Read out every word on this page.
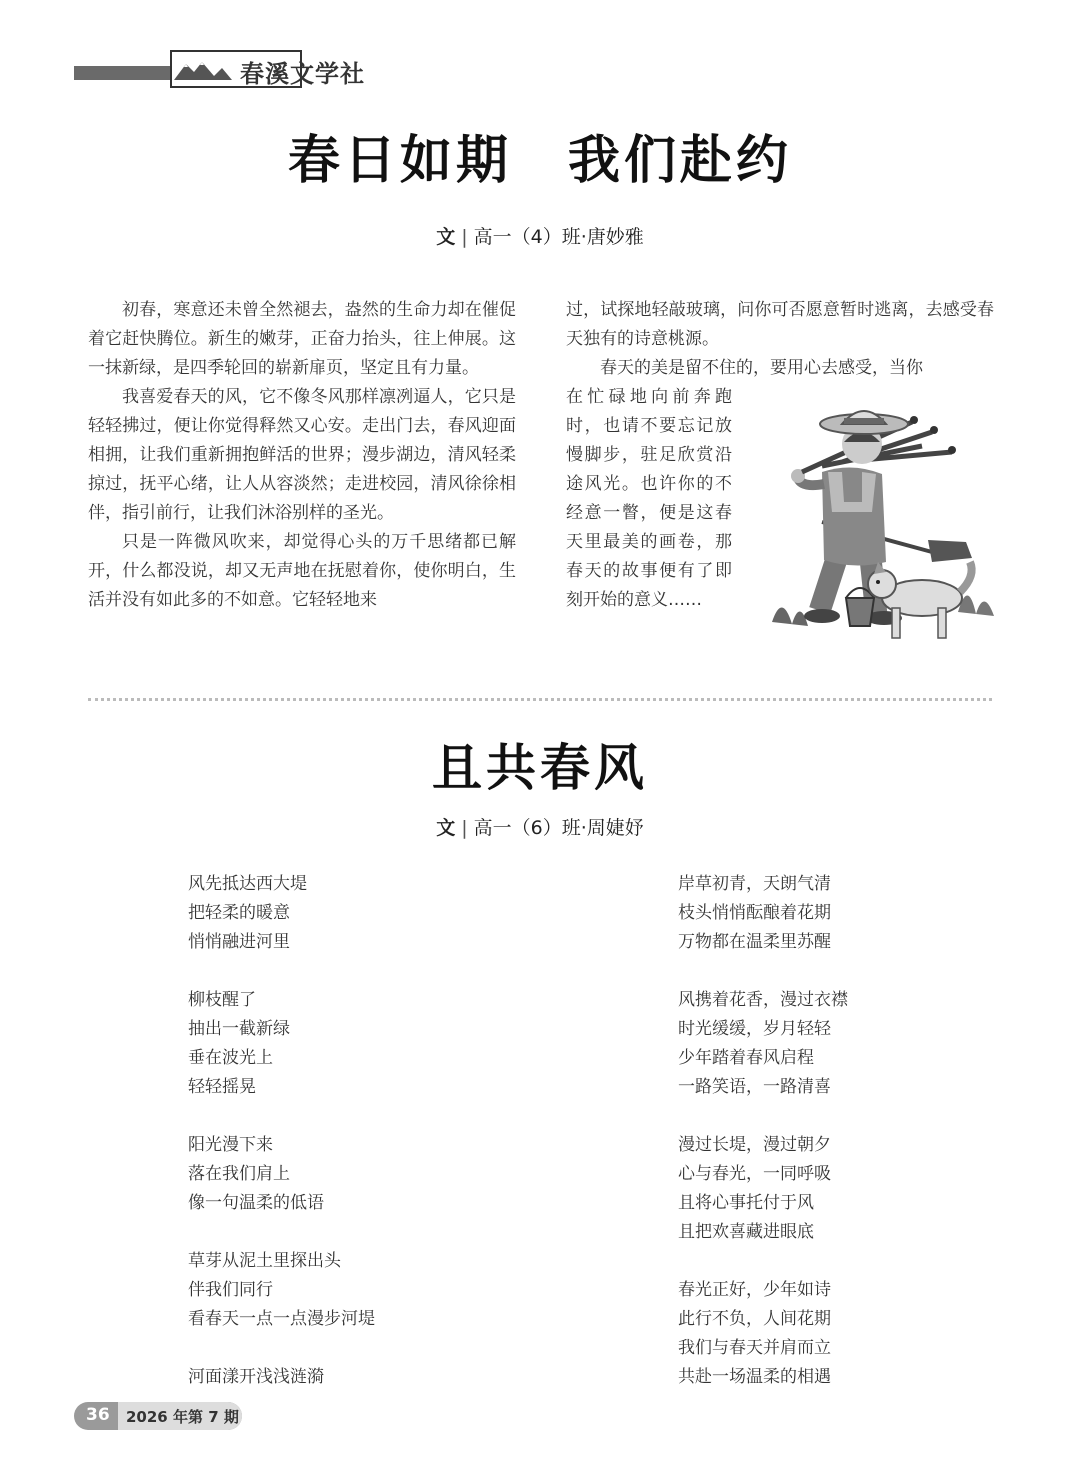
春溪文学社
春日如期　我们赴约
文 | 高一（4）班·唐妙雅

初春，寒意还未曾全然褪去，盎然的生命力却在催促着它赶快腾位。新生的嫩芽，正奋力抬头，往上伸展。这一抹新绿，是四季轮回的崭新扉页，坚定且有力量。

我喜爱春天的风，它不像冬风那样凛冽逼人，它只是轻轻拂过，便让你觉得释然又心安。走出门去，春风迎面相拥，让我们重新拥抱鲜活的世界；漫步湖边，清风轻柔掠过，抚平心绪，让人从容淡然；走进校园，清风徐徐相伴，指引前行，让我们沐浴别样的圣光。

只是一阵微风吹来，却觉得心头的万千思绪都已解开，什么都没说，却又无声地在抚慰着你，使你明白，生活并没有如此多的不如意。它轻轻地来

过，试探地轻敲玻璃，问你可否愿意暂时逃离，去感受春天独有的诗意桃源。

春天的美是留不住的，要用心去感受，当你

在忙碌地向前奔跑时，也请不要忘记放慢脚步，驻足欣赏沿途风光。也许你的不经意一瞥，便是这春天里最美的画卷，那春天的故事便有了即刻开始的意义……

且共春风
文 | 高一（6）班·周婕妤
风先抵达西大堤
把轻柔的暖意
悄悄融进河里
柳枝醒了
抽出一截新绿
垂在波光上
轻轻摇晃
阳光漫下来
落在我们肩上
像一句温柔的低语
草芽从泥土里探出头
伴我们同行
看春天一点一点漫步河堤
河面漾开浅浅涟漪
岸草初青，天朗气清
枝头悄悄酝酿着花期
万物都在温柔里苏醒
风携着花香，漫过衣襟
时光缓缓，岁月轻轻
少年踏着春风启程
一路笑语，一路清喜
漫过长堤，漫过朝夕
心与春光，一同呼吸
且将心事托付于风
且把欢喜藏进眼底
春光正好，少年如诗
此行不负，人间花期
我们与春天并肩而立
共赴一场温柔的相遇
36 2026 年第 7 期
